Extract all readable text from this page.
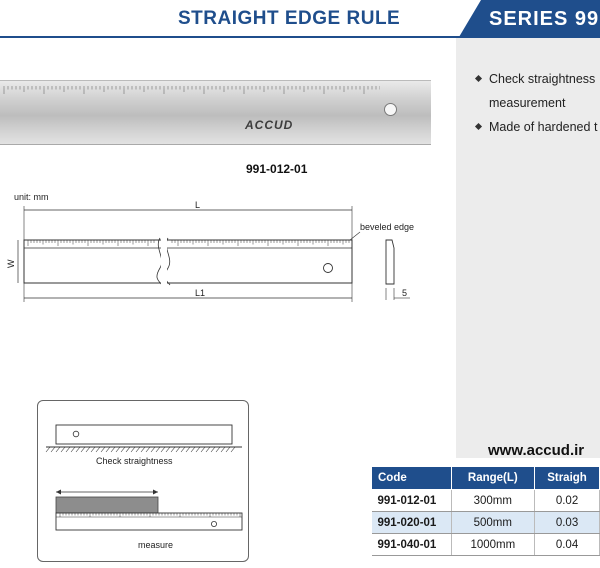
STRAIGHT EDGE RULE	SERIES 99
Check straightness
measurement
Made of hardened t
ACCUD
991-012-01
unit: mm
L
W
L1
beveled edge
5
Check straightness
measure
www.accud.ir
Code	Range(L)	Straigh
991-012-01	300mm	0.02
991-020-01	500mm	0.03
991-040-01	1000mm	0.04
